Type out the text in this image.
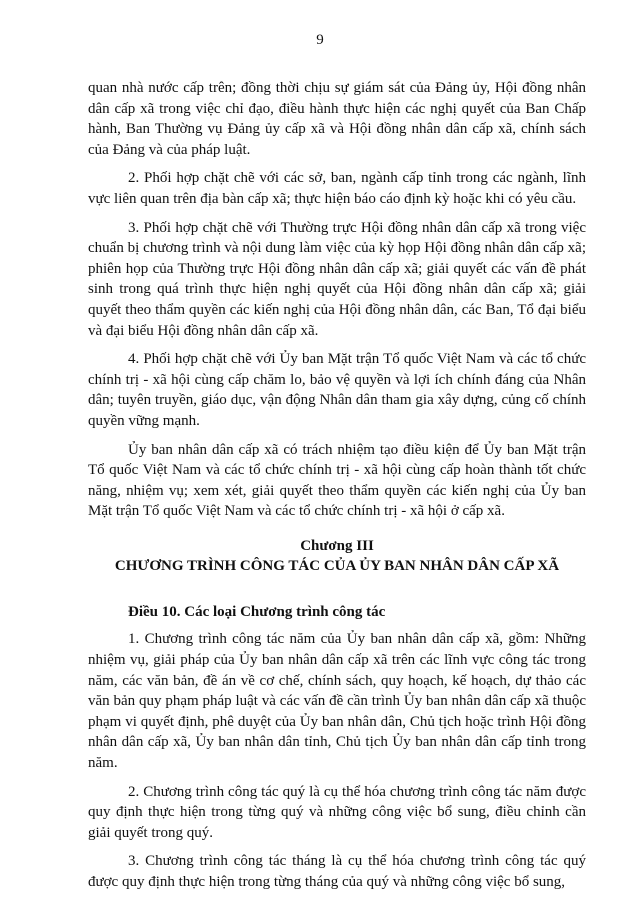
9

quan nhà nước cấp trên; đồng thời chịu sự giám sát của Đảng ủy, Hội đồng nhân dân cấp xã trong việc chỉ đạo, điều hành thực hiện các nghị quyết của Ban Chấp hành, Ban Thường vụ Đảng ủy cấp xã và Hội đồng nhân dân cấp xã, chính sách của Đảng và của pháp luật.

2. Phối hợp chặt chẽ với các sở, ban, ngành cấp tỉnh trong các ngành, lĩnh vực liên quan trên địa bàn cấp xã; thực hiện báo cáo định kỳ hoặc khi có yêu cầu.

3. Phối hợp chặt chẽ với Thường trực Hội đồng nhân dân cấp xã trong việc chuẩn bị chương trình và nội dung làm việc của kỳ họp Hội đồng nhân dân cấp xã; phiên họp của Thường trực Hội đồng nhân dân cấp xã; giải quyết các vấn đề phát sinh trong quá trình thực hiện nghị quyết của Hội đồng nhân dân cấp xã; giải quyết theo thẩm quyền các kiến nghị của Hội đồng nhân dân, các Ban, Tổ đại biểu và đại biểu Hội đồng nhân dân cấp xã.

4. Phối hợp chặt chẽ với Ủy ban Mặt trận Tổ quốc Việt Nam và các tổ chức chính trị - xã hội cùng cấp chăm lo, bảo vệ quyền và lợi ích chính đáng của Nhân dân; tuyên truyền, giáo dục, vận động Nhân dân tham gia xây dựng, củng cố chính quyền vững mạnh.

Ủy ban nhân dân cấp xã có trách nhiệm tạo điều kiện để Ủy ban Mặt trận Tổ quốc Việt Nam và các tổ chức chính trị - xã hội cùng cấp hoàn thành tốt chức năng, nhiệm vụ; xem xét, giải quyết theo thẩm quyền các kiến nghị của Ủy ban Mặt trận Tổ quốc Việt Nam và các tổ chức chính trị - xã hội ở cấp xã.

Chương III
CHƯƠNG TRÌNH CÔNG TÁC CỦA ỦY BAN NHÂN DÂN CẤP XÃ

Điều 10. Các loại Chương trình công tác

1. Chương trình công tác năm của Ủy ban nhân dân cấp xã, gồm: Những nhiệm vụ, giải pháp của Ủy ban nhân dân cấp xã trên các lĩnh vực công tác trong năm, các văn bản, đề án về cơ chế, chính sách, quy hoạch, kế hoạch, dự thảo các văn bản quy phạm pháp luật và các vấn đề cần trình Ủy ban nhân dân cấp xã thuộc phạm vi quyết định, phê duyệt của Ủy ban nhân dân, Chủ tịch hoặc trình Hội đồng nhân dân cấp xã, Ủy ban nhân dân tỉnh, Chủ tịch Ủy ban nhân dân cấp tỉnh trong năm.

2. Chương trình công tác quý là cụ thể hóa chương trình công tác năm được quy định thực hiện trong từng quý và những công việc bổ sung, điều chỉnh cần giải quyết trong quý.

3. Chương trình công tác tháng là cụ thể hóa chương trình công tác quý được quy định thực hiện trong từng tháng của quý và những công việc bổ sung,
